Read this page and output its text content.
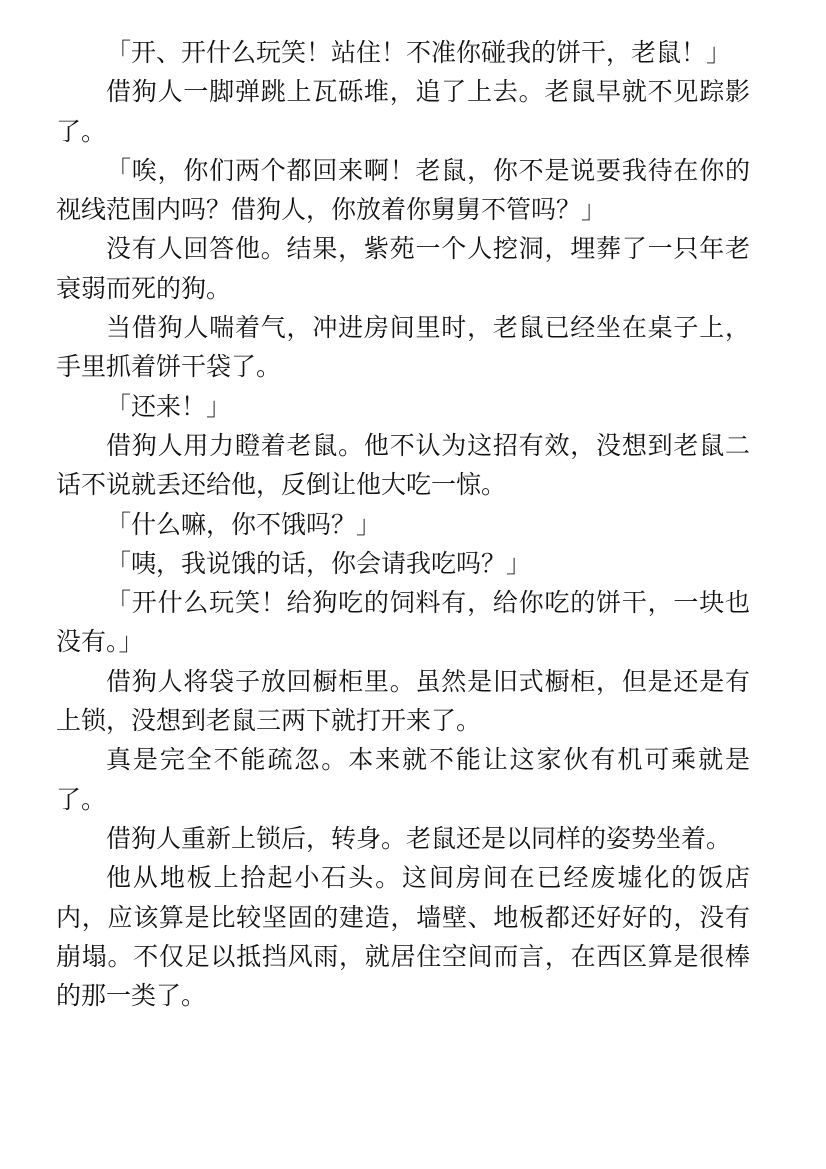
「开、开什么玩笑！站住！不准你碰我的饼干，老鼠！」

借狗人一脚弹跳上瓦砾堆，追了上去。老鼠早就不见踪影了。

「唉，你们两个都回来啊！老鼠，你不是说要我待在你的视线范围内吗？借狗人，你放着你舅舅不管吗？」

没有人回答他。结果，紫苑一个人挖洞，埋葬了一只年老衰弱而死的狗。

当借狗人喘着气，冲进房间里时，老鼠已经坐在桌子上，手里抓着饼干袋了。

「还来！」

借狗人用力瞪着老鼠。他不认为这招有效，没想到老鼠二话不说就丢还给他，反倒让他大吃一惊。

「什么嘛，你不饿吗？」

「咦，我说饿的话，你会请我吃吗？」

「开什么玩笑！给狗吃的饲料有，给你吃的饼干，一块也没有。」

借狗人将袋子放回橱柜里。虽然是旧式橱柜，但是还是有上锁，没想到老鼠三两下就打开来了。

真是完全不能疏忽。本来就不能让这家伙有机可乘就是了。

借狗人重新上锁后，转身。老鼠还是以同样的姿势坐着。

他从地板上拾起小石头。这间房间在已经废墟化的饭店内，应该算是比较坚固的建造，墙壁、地板都还好好的，没有崩塌。不仅足以抵挡风雨，就居住空间而言，在西区算是很棒的那一类了。
